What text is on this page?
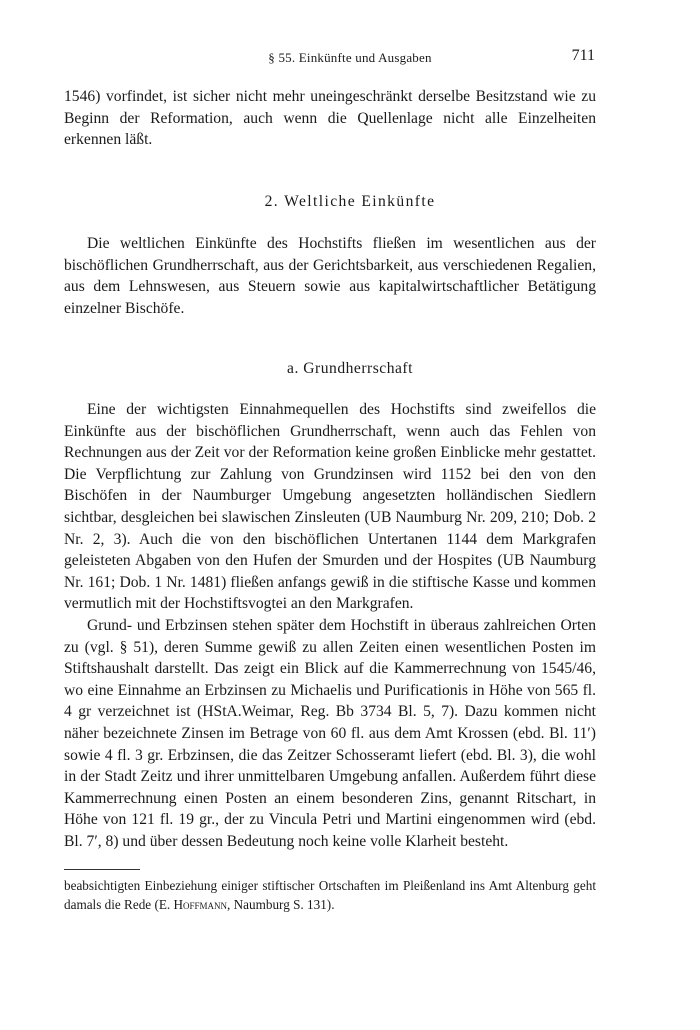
§ 55. Einkünfte und Ausgaben	711

1546) vorfindet, ist sicher nicht mehr uneingeschränkt derselbe Besitzstand wie zu Beginn der Reformation, auch wenn die Quellenlage nicht alle Einzelheiten erkennen läßt.

2. Weltliche Einkünfte

Die weltlichen Einkünfte des Hochstifts fließen im wesentlichen aus der bischöflichen Grundherrschaft, aus der Gerichtsbarkeit, aus verschiedenen Regalien, aus dem Lehnswesen, aus Steuern sowie aus kapitalwirtschaftlicher Betätigung einzelner Bischöfe.

a. Grundherrschaft

Eine der wichtigsten Einnahmequellen des Hochstifts sind zweifellos die Einkünfte aus der bischöflichen Grundherrschaft, wenn auch das Fehlen von Rechnungen aus der Zeit vor der Reformation keine großen Einblicke mehr gestattet. Die Verpflichtung zur Zahlung von Grundzinsen wird 1152 bei den von den Bischöfen in der Naumburger Umgebung angesetzten holländischen Siedlern sichtbar, desgleichen bei slawischen Zinsleuten (UB Naumburg Nr. 209, 210; Dob. 2 Nr. 2, 3). Auch die von den bischöflichen Untertanen 1144 dem Markgrafen geleisteten Abgaben von den Hufen der Smurden und der Hospites (UB Naumburg Nr. 161; Dob. 1 Nr. 1481) fließen anfangs gewiß in die stiftische Kasse und kommen vermutlich mit der Hochstiftsvogtei an den Markgrafen.

Grund- und Erbzinsen stehen später dem Hochstift in überaus zahlreichen Orten zu (vgl. § 51), deren Summe gewiß zu allen Zeiten einen wesentlichen Posten im Stiftshaushalt darstellt. Das zeigt ein Blick auf die Kammerrechnung von 1545/46, wo eine Einnahme an Erbzinsen zu Michaelis und Purificationis in Höhe von 565 fl. 4 gr verzeichnet ist (HStA.Weimar, Reg. Bb 3734 Bl. 5, 7). Dazu kommen nicht näher bezeichnete Zinsen im Betrage von 60 fl. aus dem Amt Krossen (ebd. Bl. 11′) sowie 4 fl. 3 gr. Erbzinsen, die das Zeitzer Schosseramt liefert (ebd. Bl. 3), die wohl in der Stadt Zeitz und ihrer unmittelbaren Umgebung anfallen. Außerdem führt diese Kammerrechnung einen Posten an einem besonderen Zins, genannt Ritschart, in Höhe von 121 fl. 19 gr., der zu Vincula Petri und Martini eingenommen wird (ebd. Bl. 7′, 8) und über dessen Bedeutung noch keine volle Klarheit besteht.

beabsichtigten Einbeziehung einiger stiftischer Ortschaften im Pleißenland ins Amt Altenburg geht damals die Rede (E. Hoffmann, Naumburg S. 131).
